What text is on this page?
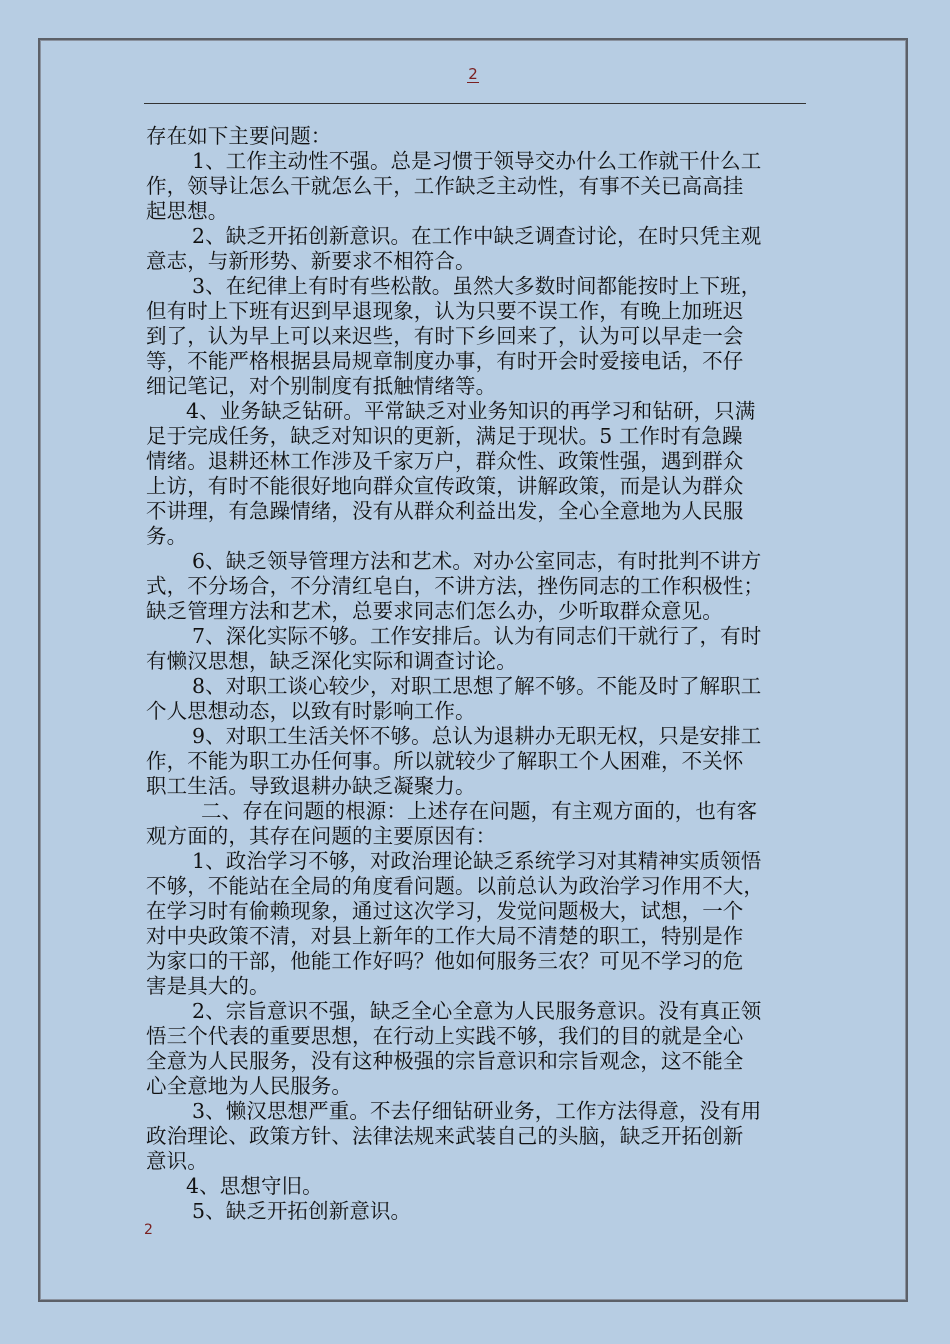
2
存在如下主要问题：
1、工作主动性不强。总是习惯于领导交办什么工作就干什么工
作，领导让怎么干就怎么干，工作缺乏主动性，有事不关已高高挂
起思想。
2、缺乏开拓创新意识。在工作中缺乏调查讨论，在时只凭主观
意志，与新形势、新要求不相符合。
3、在纪律上有时有些松散。虽然大多数时间都能按时上下班，
但有时上下班有迟到早退现象，认为只要不误工作，有晚上加班迟
到了，认为早上可以来迟些，有时下乡回来了，认为可以早走一会
等，不能严格根据县局规章制度办事，有时开会时爱接电话，不仔
细记笔记，对个别制度有抵触情绪等。
4、业务缺乏钻研。平常缺乏对业务知识的再学习和钻研，只满
足于完成任务，缺乏对知识的更新，满足于现状。5 工作时有急躁
情绪。退耕还林工作涉及千家万户，群众性、政策性强，遇到群众
上访，有时不能很好地向群众宣传政策，讲解政策，而是认为群众
不讲理，有急躁情绪，没有从群众利益出发，全心全意地为人民服
务。
6、缺乏领导管理方法和艺术。对办公室同志，有时批判不讲方
式，不分场合，不分清红皂白，不讲方法，挫伤同志的工作积极性；
缺乏管理方法和艺术，总要求同志们怎么办，少听取群众意见。
7、深化实际不够。工作安排后。认为有同志们干就行了，有时
有懒汉思想，缺乏深化实际和调查讨论。
8、对职工谈心较少，对职工思想了解不够。不能及时了解职工
个人思想动态，以致有时影响工作。
9、对职工生活关怀不够。总认为退耕办无职无权，只是安排工
作，不能为职工办任何事。所以就较少了解职工个人困难，不关怀
职工生活。导致退耕办缺乏凝聚力。
二、存在问题的根源：上述存在问题，有主观方面的，也有客
观方面的，其存在问题的主要原因有：
1、政治学习不够，对政治理论缺乏系统学习对其精神实质领悟
不够，不能站在全局的角度看问题。以前总认为政治学习作用不大，
在学习时有偷赖现象，通过这次学习，发觉问题极大，试想，一个
对中央政策不清，对县上新年的工作大局不清楚的职工，特别是作
为家口的干部，他能工作好吗？他如何服务三农？可见不学习的危
害是具大的。
2、宗旨意识不强，缺乏全心全意为人民服务意识。没有真正领
悟三个代表的重要思想，在行动上实践不够，我们的目的就是全心
全意为人民服务，没有这种极强的宗旨意识和宗旨观念，这不能全
心全意地为人民服务。
3、懒汉思想严重。不去仔细钻研业务，工作方法得意，没有用
政治理论、政策方针、法律法规来武装自己的头脑，缺乏开拓创新
意识。
4、思想守旧。
5、缺乏开拓创新意识。
2
